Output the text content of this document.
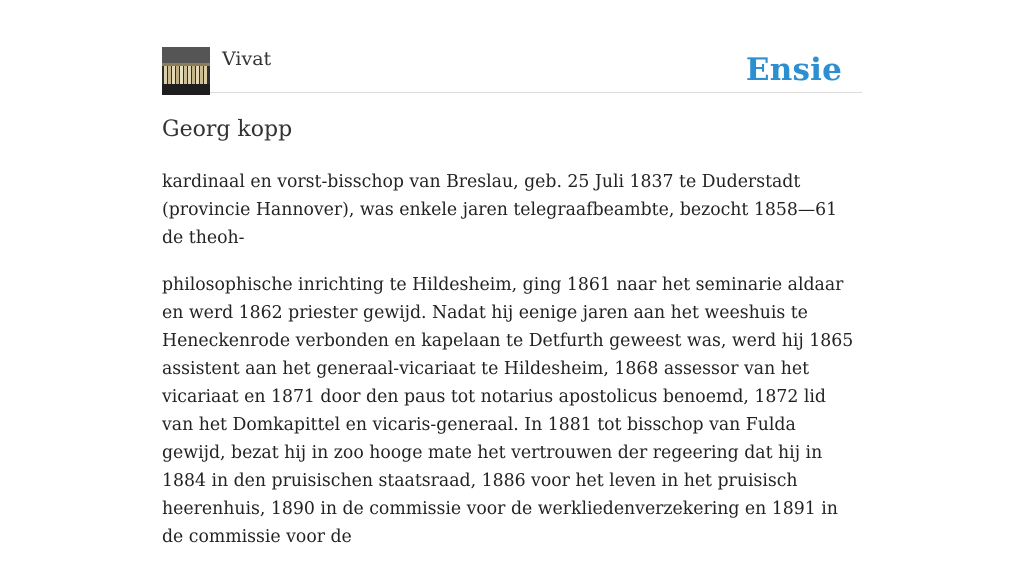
Vivat	Ensie
Georg kopp

kardinaal en vorst-bisschop van Breslau, geb. 25 Juli 1837 te Duderstadt (provincie Hannover), was enkele jaren telegraafbeambte, bezocht 1858—61 de theoh-

philosophische inrichting te Hildesheim, ging 1861 naar het seminarie aldaar en werd 1862 priester gewijd. Nadat hij eenige jaren aan het weeshuis te Heneckenrode verbonden en kapelaan te Detfurth geweest was, werd hij 1865 assistent aan het generaal-vicariaat te Hildesheim, 1868 assessor van het vicariaat en 1871 door den paus tot notarius apostolicus benoemd, 1872 lid van het Domkapittel en vicaris-generaal. In 1881 tot bisschop van Fulda gewijd, bezat hij in zoo hooge mate het vertrouwen der regeering dat hij in 1884 in den pruisischen staatsraad, 1886 voor het leven in het pruisisch heerenhuis, 1890 in de commissie voor de werkliedenverzekering en 1891 in de commissie voor de
